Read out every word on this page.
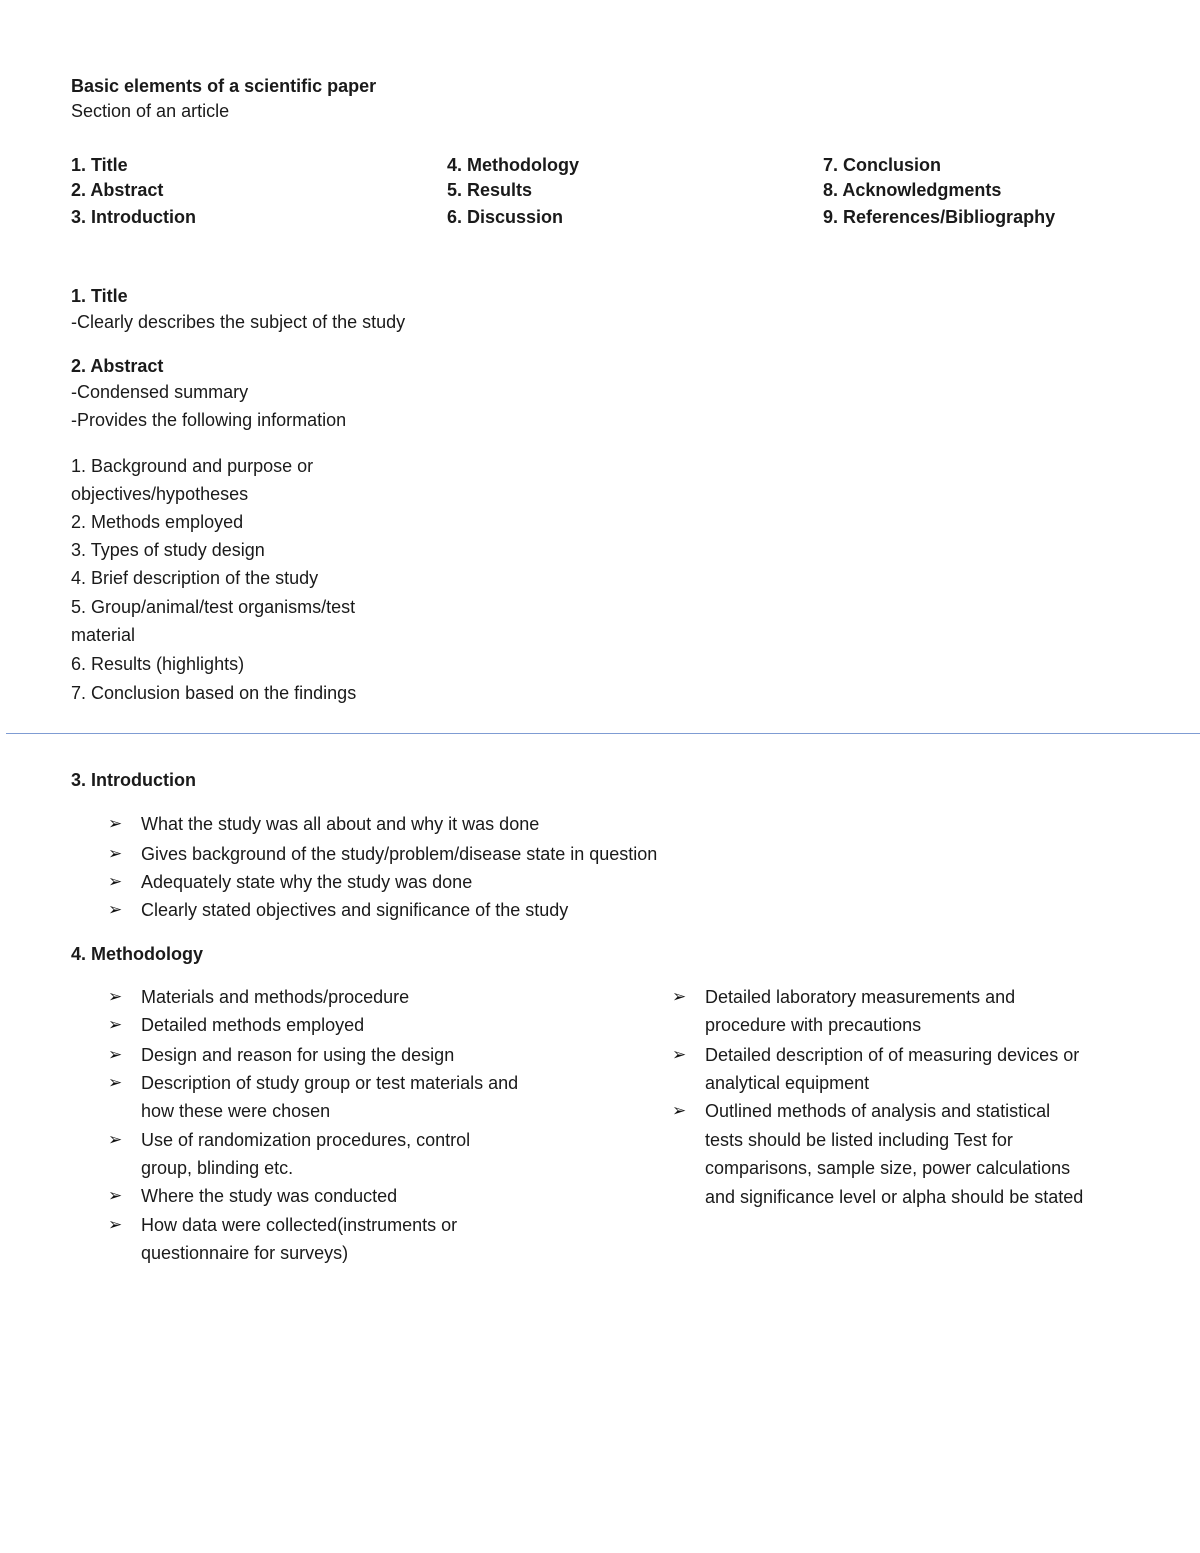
Basic elements of a scientific paper
Section of an article
1. Title
2. Abstract
3. Introduction
4. Methodology
5. Results
6. Discussion
7. Conclusion
8. Acknowledgments
9. References/Bibliography
1. Title
-Clearly describes the subject of the study
2. Abstract
-Condensed summary
-Provides the following information
1. Background and purpose or
objectives/hypotheses
2. Methods employed
3. Types of study design
4. Brief description of the study
5. Group/animal/test organisms/test
material
6. Results (highlights)
7. Conclusion based on the findings
3. Introduction
➢ What the study was all about and why it was done
➢ Gives background of the study/problem/disease state in question
➢ Adequately state why the study was done
➢ Clearly stated objectives and significance of the study
4. Methodology
➢ Materials and methods/procedure
➢ Detailed methods employed
➢ Design and reason for using the design
➢ Description of study group or test materials and
how these were chosen
➢ Use of randomization procedures, control
group, blinding etc.
➢ Where the study was conducted
➢ How data were collected(instruments or
questionnaire for surveys)
➢ Detailed laboratory measurements and
procedure with precautions
➢ Detailed description of of measuring devices or
analytical equipment
➢ Outlined methods of analysis and statistical
tests should be listed including Test for
comparisons, sample size, power calculations
and significance level or alpha should be stated
